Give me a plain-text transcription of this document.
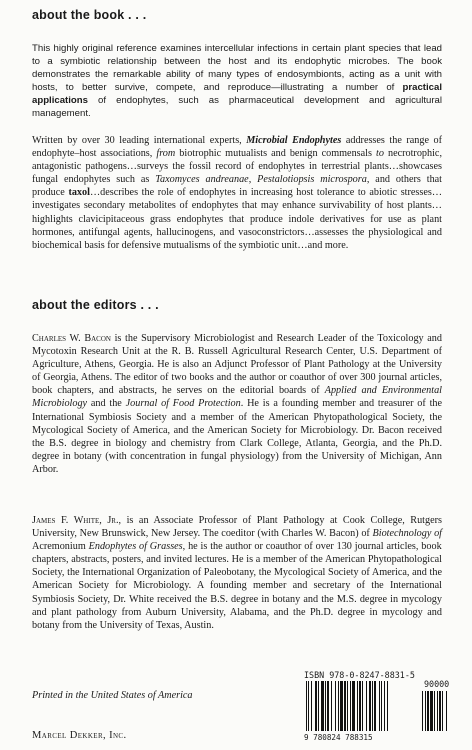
about the book . . .

This highly original reference examines intercellular infections in certain plant species that lead to a symbiotic relationship between the host and its endophytic microbes. The book demonstrates the remarkable ability of many types of endosymbionts, acting as a unit with hosts, to better survive, compete, and reproduce—illustrating a number of practical applications of endophytes, such as pharmaceutical development and agricultural management.

Written by over 30 leading international experts, Microbial Endophytes addresses the range of endophyte–host associations, from biotrophic mutualists and benign commensals to necrotrophic, antagonistic pathogens…surveys the fossil record of endophytes in terrestrial plants…showcases fungal endophytes such as Taxomyces andreanae, Pestalotiopsis microspora, and others that produce taxol…describes the role of endophytes in increasing host tolerance to abiotic stresses…investigates secondary metabolites of endophytes that may enhance survivability of host plants… highlights clavicipitaceous grass endophytes that produce indole derivatives for use as plant hormones, antifungal agents, hallucinogens, and vasoconstrictors…assesses the physiological and biochemical basis for defensive mutualisms of the symbiotic unit…and more.

about the editors . . .

Charles W. Bacon is the Supervisory Microbiologist and Research Leader of the Toxicology and Mycotoxin Research Unit at the R. B. Russell Agricultural Research Center, U.S. Department of Agriculture, Athens, Georgia. He is also an Adjunct Professor of Plant Pathology at the University of Georgia, Athens. The editor of two books and the author or coauthor of over 300 journal articles, book chapters, and abstracts, he serves on the editorial boards of Applied and Environmental Microbiology and the Journal of Food Protection. He is a founding member and treasurer of the International Symbiosis Society and a member of the American Phytopathological Society, the Mycological Society of America, and the American Society for Microbiology. Dr. Bacon received the B.S. degree in biology and chemistry from Clark College, Atlanta, Georgia, and the Ph.D. degree in botany (with concentration in fungal physiology) from the University of Michigan, Ann Arbor.

James F. White, Jr., is an Associate Professor of Plant Pathology at Cook College, Rutgers University, New Brunswick, New Jersey. The coeditor (with Charles W. Bacon) of Biotechnology of Acremonium Endophytes of Grasses, he is the author or coauthor of over 130 journal articles, book chapters, abstracts, posters, and invited lectures. He is a member of the American Phytopathological Society, the International Organization of Paleobotany, the Mycological Society of America, and the American Society for Microbiology. A founding member and secretary of the International Symbiosis Society, Dr. White received the B.S. degree in botany and the M.S. degree in mycology and plant pathology from Auburn University, Alabama, and the Ph.D. degree in mycology and botany from the University of Texas, Austin.

Printed in the United States of America
Marcel Dekker, Inc.
ISBN 978-0-8247-8831-5
90000
9 780824 788315
